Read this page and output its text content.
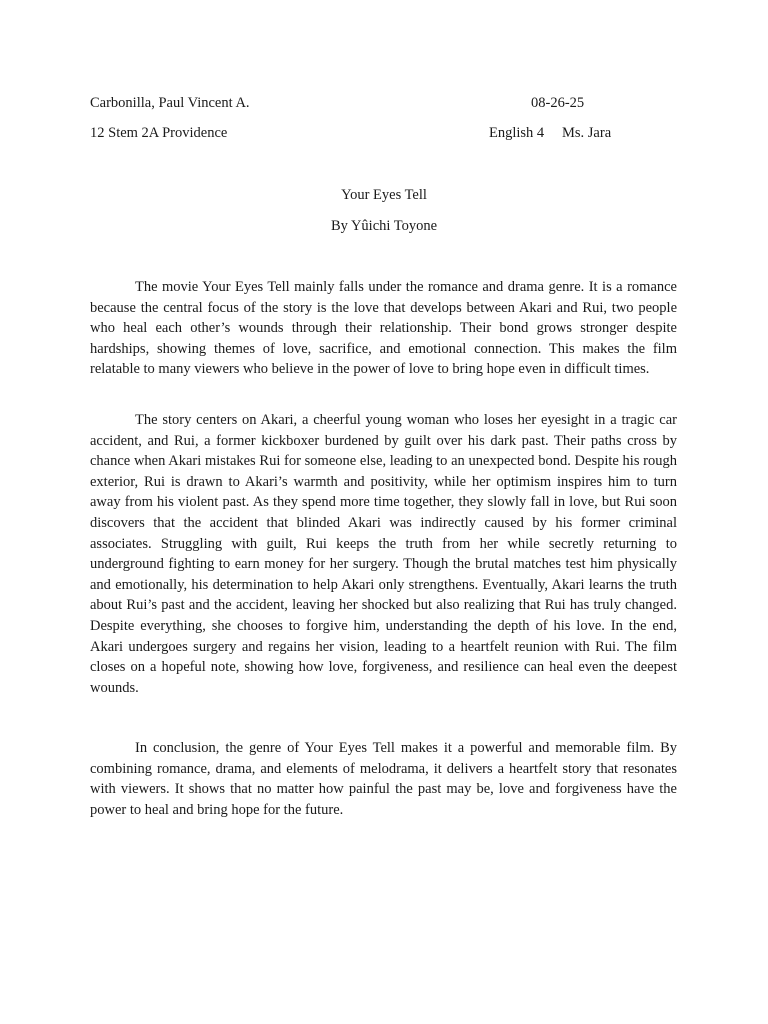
Carbonilla, Paul Vincent A.	08-26-25
12 Stem 2A Providence	English 4 Ms. Jara
Your Eyes Tell
By Yûichi Toyone

The movie Your Eyes Tell mainly falls under the romance and drama genre. It is a romance because the central focus of the story is the love that develops between Akari and Rui, two people who heal each other’s wounds through their relationship. Their bond grows stronger despite hardships, showing themes of love, sacrifice, and emotional connection. This makes the film relatable to many viewers who believe in the power of love to bring hope even in difficult times.

The story centers on Akari, a cheerful young woman who loses her eyesight in a tragic car accident, and Rui, a former kickboxer burdened by guilt over his dark past. Their paths cross by chance when Akari mistakes Rui for someone else, leading to an unexpected bond. Despite his rough exterior, Rui is drawn to Akari’s warmth and positivity, while her optimism inspires him to turn away from his violent past. As they spend more time together, they slowly fall in love, but Rui soon discovers that the accident that blinded Akari was indirectly caused by his former criminal associates. Struggling with guilt, Rui keeps the truth from her while secretly returning to underground fighting to earn money for her surgery. Though the brutal matches test him physically and emotionally, his determination to help Akari only strengthens. Eventually, Akari learns the truth about Rui’s past and the accident, leaving her shocked but also realizing that Rui has truly changed. Despite everything, she chooses to forgive him, understanding the depth of his love. In the end, Akari undergoes surgery and regains her vision, leading to a heartfelt reunion with Rui. The film closes on a hopeful note, showing how love, forgiveness, and resilience can heal even the deepest wounds.

In conclusion, the genre of Your Eyes Tell makes it a powerful and memorable film. By combining romance, drama, and elements of melodrama, it delivers a heartfelt story that resonates with viewers. It shows that no matter how painful the past may be, love and forgiveness have the power to heal and bring hope for the future.
